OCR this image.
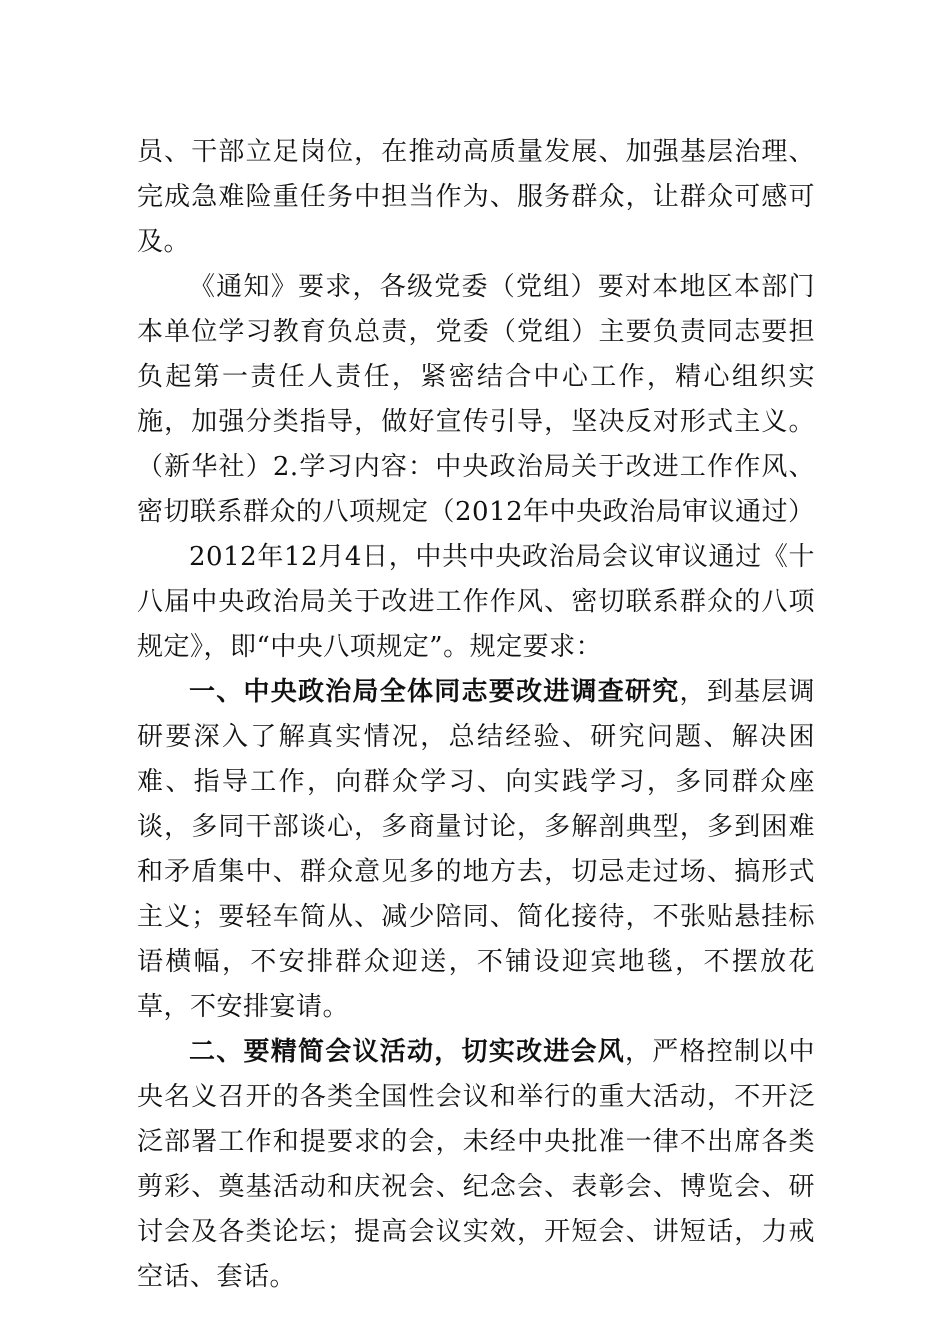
员、干部立足岗位，在推动高质量发展、加强基层治理、完成急难险重任务中担当作为、服务群众，让群众可感可及。

《通知》要求，各级党委（党组）要对本地区本部门本单位学习教育负总责，党委（党组）主要负责同志要担负起第一责任人责任，紧密结合中心工作，精心组织实施，加强分类指导，做好宣传引导，坚决反对形式主义。（新华社）2.学习内容：中央政治局关于改进工作作风、密切联系群众的八项规定（2012年中央政治局审议通过）

2012年12月4日，中共中央政治局会议审议通过《十八届中央政治局关于改进工作作风、密切联系群众的八项规定》，即“中央八项规定”。规定要求：

一、中央政治局全体同志要改进调查研究，到基层调研要深入了解真实情况，总结经验、研究问题、解决困难、指导工作，向群众学习、向实践学习，多同群众座谈，多同干部谈心，多商量讨论，多解剖典型，多到困难和矛盾集中、群众意见多的地方去，切忌走过场、搞形式主义；要轻车简从、减少陪同、简化接待，不张贴悬挂标语横幅，不安排群众迎送，不铺设迎宾地毯，不摆放花草，不安排宴请。

二、要精简会议活动，切实改进会风，严格控制以中央名义召开的各类全国性会议和举行的重大活动，不开泛泛部署工作和提要求的会，未经中央批准一律不出席各类剪彩、奠基活动和庆祝会、纪念会、表彰会、博览会、研讨会及各类论坛；提高会议实效，开短会、讲短话，力戒空话、套话。
